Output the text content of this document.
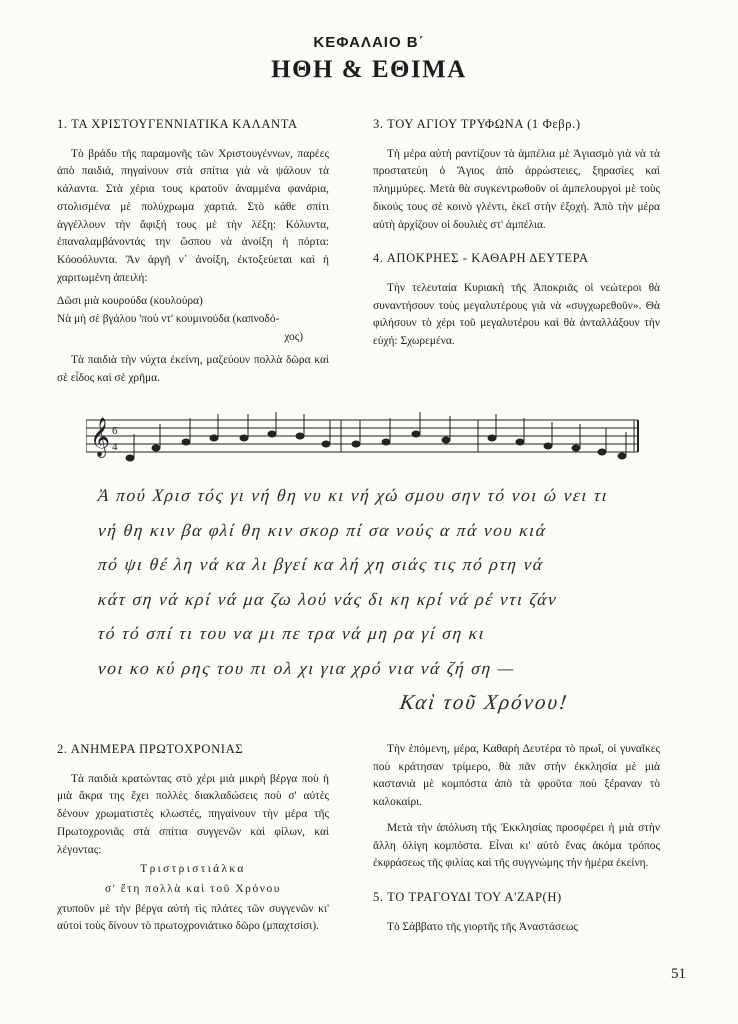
ΚΕΦΑΛΑΙΟ Β΄
ΗΘΗ & ΕΘΙΜΑ
1. ΤΑ ΧΡΙΣΤΟΥΓΕΝΝΙΑΤΙΚΑ ΚΑΛΑΝΤΑ

Τὸ βράδυ τῆς παραμονῆς τῶν Χριστουγέννων, παρέες ἀπὸ παιδιά, πηγαίνουν στὰ σπίτια γιὰ νὰ ψάλουν τὰ κάλαντα. Στὰ χέρια τους κρατοῦν ἀναμμένα φανάρια, στολισμένα μὲ πολύχρωμα χαρτιά. Στὸ κάθε σπίτι ἀγγέλλουν τὴν ἄφιξή τους μὲ τὴν λέξη: Κόλυντα, ἐπαναλαμβάνοντάς την ὥσπου νὰ ἀνοίξη ἡ πόρτα: Κόοοόλυντα. Ἂν ἀργῆ ν᾽ ἀνοίξη, ἐκτοξεύεται καὶ ἡ χαριτωμένη ἀπειλή:

Δῶσι μιὰ κουρούδα (κουλούρα)
Νὰ μὴ σὲ βγάλου 'ποὺ ντ' κουμινούδα (καπνοδό-
χος)

Τὰ παιδιὰ τὴν νύχτα ἐκείνη, μαζεύουν πολλὰ δῶρα καὶ σὲ εἶδος καὶ σὲ χρῆμα.

3. ΤΟΥ ΑΓΙΟΥ ΤΡΥΦΩΝΑ (1 Φεβρ.)

Τὴ μέρα αὐτὴ ραντίζουν τὰ ἀμπέλια μὲ Ἁγιασμὸ γιὰ νὰ τὰ προστατεύη ὁ Ἅγιος ἀπὸ ἀρρώστειες, ξηρασίες καὶ πλημμύρες. Μετὰ θὰ συγκεντρωθοῦν οἱ ἀμπελουργοὶ μὲ τοὺς δικούς τους σὲ κοινὸ γλέντι, ἐκεῖ στὴν ἐξοχή. Ἀπὸ τὴν μέρα αὐτὴ ἀρχίζουν οἱ δουλιὲς στ' ἀμπέλια.

4. ΑΠΟΚΡΗΕΣ - ΚΑΘΑΡΗ ΔΕΥΤΕΡΑ

Τὴν τελευταία Κυριακὴ τῆς Ἀποκριᾶς οἱ νεώτεροι θὰ συναντήσουν τοὺς μεγαλυτέρους γιὰ νὰ «συγχωρεθοῦν». Θὰ φιλήσουν τὸ χέρι τοῦ μεγαλυτέρου καὶ θὰ ἀνταλλάξουν τὴν εὐχή: Σχωρεμένα.

𝄞 6
4
Ἀ πού Χρισ τός γι νή θη νυ κι νή χώ σμου σην τό νοι ώ νει τι
νή θη κιν βα φλί θη κιν σκορ πί σα νούς α πά νου κιά
πό ψι θέ λη νά κα λι βγεί κα λή χη σιάς τις πό ρτη νά
κάτ ση νά κρί νά μα ζω λού νάς δι κη κρί νά ρέ ντι ζάν
τό τό σπί τι του να μι πε τρα νά μη ρα γί ση κι
νοι κο κύ ρης του πι ολ χι για χρό νια νά ζή ση —
Καὶ τοῦ Χρόνου!
2. ΑΝΗΜΕΡΑ ΠΡΩΤΟΧΡΟΝΙΑΣ

Τὰ παιδιὰ κρατώντας στὸ χέρι μιὰ μικρὴ βέργα ποὺ ἡ μιὰ ἄκρα της ἔχει πολλὲς διακλαδώσεις ποὺ σ' αὐτὲς δένουν χρωματιστὲς κλωστές, πηγαίνουν τὴν μέρα τῆς Πρωτοχρονιᾶς στὰ σπίτια συγγενῶν καὶ φίλων, καὶ λέγοντας:

Τριστριστιάλκα
σ' ἔτη πολλὰ καὶ τοῦ Χρόνου

χτυποῦν μὲ τὴν βέργα αὐτὴ τὶς πλάτες τῶν συγγενῶν κι' αὐτοὶ τοὺς δίνουν τὸ πρωτοχρονιάτικο δῶρο (μπαχτσίσι).

Τὴν ἑπόμενη, μέρα, Καθαρὴ Δευτέρα τὸ πρωΐ, οἱ γυναῖκες ποὺ κράτησαν τρίμερο, θὰ πᾶν στὴν ἐκκλησία μὲ μιὰ καστανιὰ μὲ κομπόστα ἀπὸ τὰ φροῦτα ποὺ ξέραναν τὸ καλοκαίρι.

Μετὰ τὴν ἀπόλυση τῆς Ἐκκλησίας προσφέρει ἡ μιὰ στὴν ἄλλη ὀλίγη κομπόστα. Εἶναι κι' αὐτὸ ἕνας ἀκόμα τρόπος ἐκφράσεως τῆς φιλίας καὶ τῆς συγγνώμης τὴν ἡμέρα ἐκείνη.

5. ΤΟ ΤΡΑΓΟΥΔΙ ΤΟΥ Α'ΖΑΡ(Η)

Τὸ Σάββατο τῆς γιορτῆς τῆς Ἀναστάσεως

51
